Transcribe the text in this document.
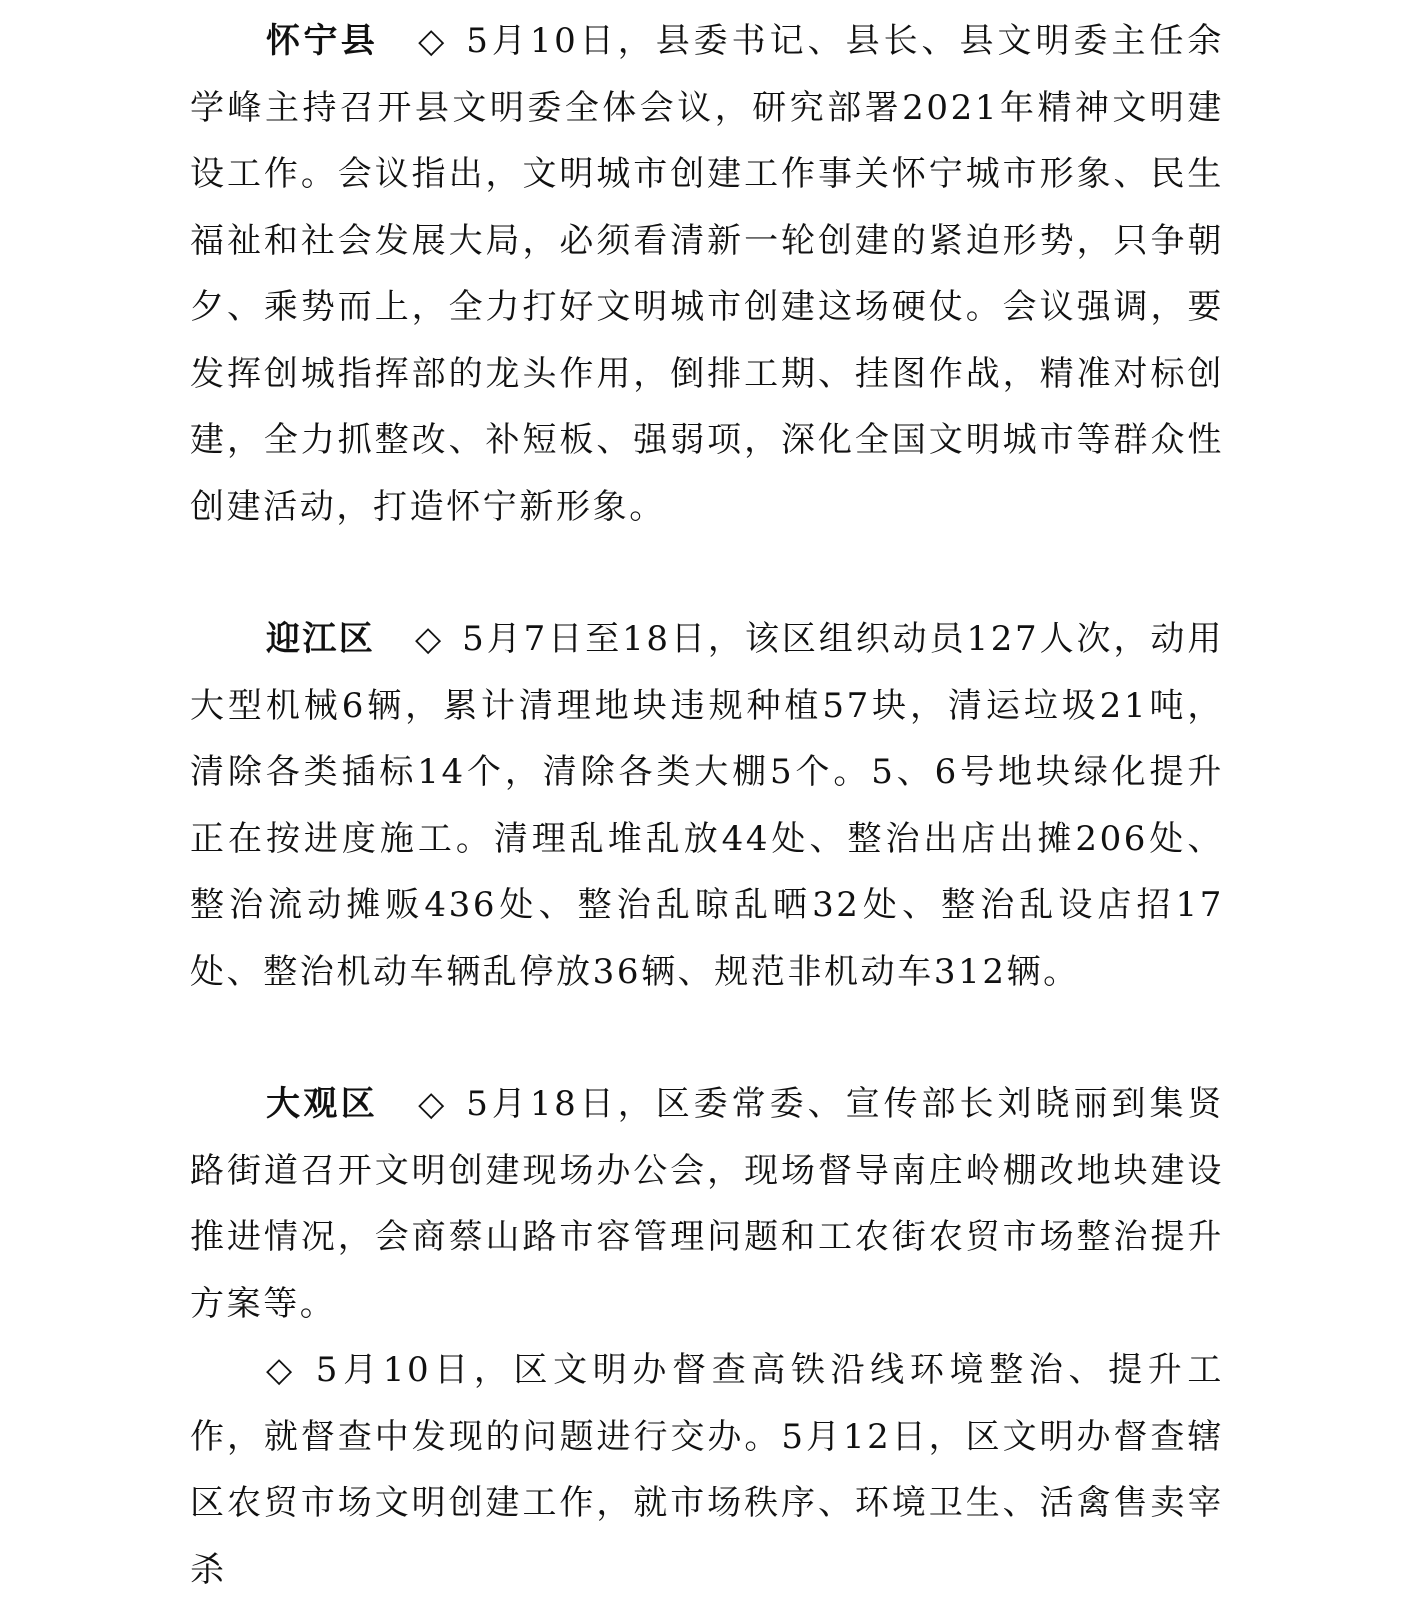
怀宁县 ◇ 5月10日，县委书记、县长、县文明委主任余学峰主持召开县文明委全体会议，研究部署2021年精神文明建设工作。会议指出，文明城市创建工作事关怀宁城市形象、民生福祉和社会发展大局，必须看清新一轮创建的紧迫形势，只争朝夕、乘势而上，全力打好文明城市创建这场硬仗。会议强调，要发挥创城指挥部的龙头作用，倒排工期、挂图作战，精准对标创建，全力抓整改、补短板、强弱项，深化全国文明城市等群众性创建活动，打造怀宁新形象。

迎江区 ◇ 5月7日至18日，该区组织动员127人次，动用大型机械6辆，累计清理地块违规种植57块，清运垃圾21吨，清除各类插标14个，清除各类大棚5个。5、6号地块绿化提升正在按进度施工。清理乱堆乱放44处、整治出店出摊206处、整治流动摊贩436处、整治乱晾乱晒32处、整治乱设店招17处、整治机动车辆乱停放36辆、规范非机动车312辆。

大观区 ◇ 5月18日，区委常委、宣传部长刘晓丽到集贤路街道召开文明创建现场办公会，现场督导南庄岭棚改地块建设推进情况，会商蔡山路市容管理问题和工农街农贸市场整治提升方案等。

◇ 5月10日，区文明办督查高铁沿线环境整治、提升工作，就督查中发现的问题进行交办。5月12日，区文明办督查辖区农贸市场文明创建工作，就市场秩序、环境卫生、活禽售卖宰杀
